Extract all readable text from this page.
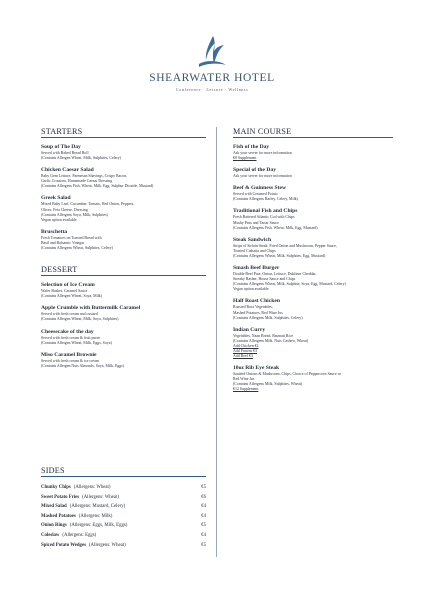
SHEARWATER HOTEL
Conference · Leisure · Wellness
STARTERS
Soup of The Day
Served with Baked Bread Roll
(Contains Allergen Wheat, Milk, Sulphites, Celery)
Chicken Caesar Salad
Baby Gem Lettuce, Parmesan Shavings, Crispy Bacon,
Garlic Croutons, Homemade Caesar Dressing
(Contains Allergens Fish, Wheat, Milk, Egg, Sulphur Dioxide, Mustard)
Greek Salad
Mixed Baby Leaf, Cucumber, Tomato, Red Onion, Peppers,
Olives, Feta Cheese, Dressing
(Contains Allergens Soya, Milk, Sulphites)
Vegan option available
Bruschetta
Fresh Tomatoes on Toasted Bread with
Basil and Balsamic Vinegar
(Contains Allergens Wheat, Sulphites, Celery)
DESSERT
Selection of Ice Cream
Wafer Basket, Caramel Sauce
(Contains Allergen Wheat, Soya, Milk)
Apple Crumble with Buttermilk Caramel
Served with fresh cream and custard
(Contains Allergen Wheat, Milk, Soya, Sulphites)
Cheesecake of the day
Served with fresh cream & fruit puree
(Contains Allergen Wheat, Milk, Eggs, Soya)
Miso Caramel Brownie
Served with fresh cream & ice cream
(Contains Allergen Nuts Almonds, Soya, Milk, Eggs)
SIDES
Chunky Chips (Allergens: Wheat)	€5
Sweet Potato Fries (Allergens: Wheat)	€6
Mixed Salad (Allergens: Mustard, Celery)	€4
Mashed Potatoes (Allergens: Milk)	€4
Onion Rings (Allergens: Eggs, Milk, Eggs)	€5
Coleslaw (Allergens: Eggs)	€4
Spiced Potato Wedges (Allergens: Wheat)	€5
MAIN COURSE
Fish of the Day
Ask your server for more information
€8 Supplement
Special of the Day
Ask your server for more information
Beef & Guinness Stew
Served with Creamed Potato
(Contains Allergens Barley, Celery, Milk)
Traditional Fish and Chips
Fresh Battered Atlantic Cod with Chips
Mushy Peas and Tartar Sauce
(Contains Allergens Fish, Wheat, Milk, Egg, Mustard)
Steak Sandwich
Strips of Sirloin Steak, Fried Onion and Mushroom, Pepper Sauce,
Toasted Ciabatta and Chips
(Contains Allergens Wheat, Milk, Sulphites, Egg, Mustard)
Smash Beef Burger
Double Beef Pate, Onion, Lettuce, Dubliner Cheddar,
Streaky Rasher, House Sauce and Chips
(Contains Allergens Wheat, Milk, Sulphite, Soya, Egg, Mustard, Celery)
Vegan option available
Half Roast Chicken
Roasted Root Vegetables,
Mashed Potatoes, Red Wine Jus
(Contains Allergens Milk, Sulphites, Celery)
Indian Curry
Vegetables, Naan Bread, Basmati Rice
(Contains Allergens Milk, Nuts Cashew, Wheat)
Add Chicken €2
Add Prawns €3
Add Beef €3
10oz Rib Eye Steak
Sautéed Onions & Mushroom, Chips, Choice of Peppercorn Sauce or
Red Wine Jus
(Contains Allergens Milk, Sulphites, Wheat)
€12 Supplement
